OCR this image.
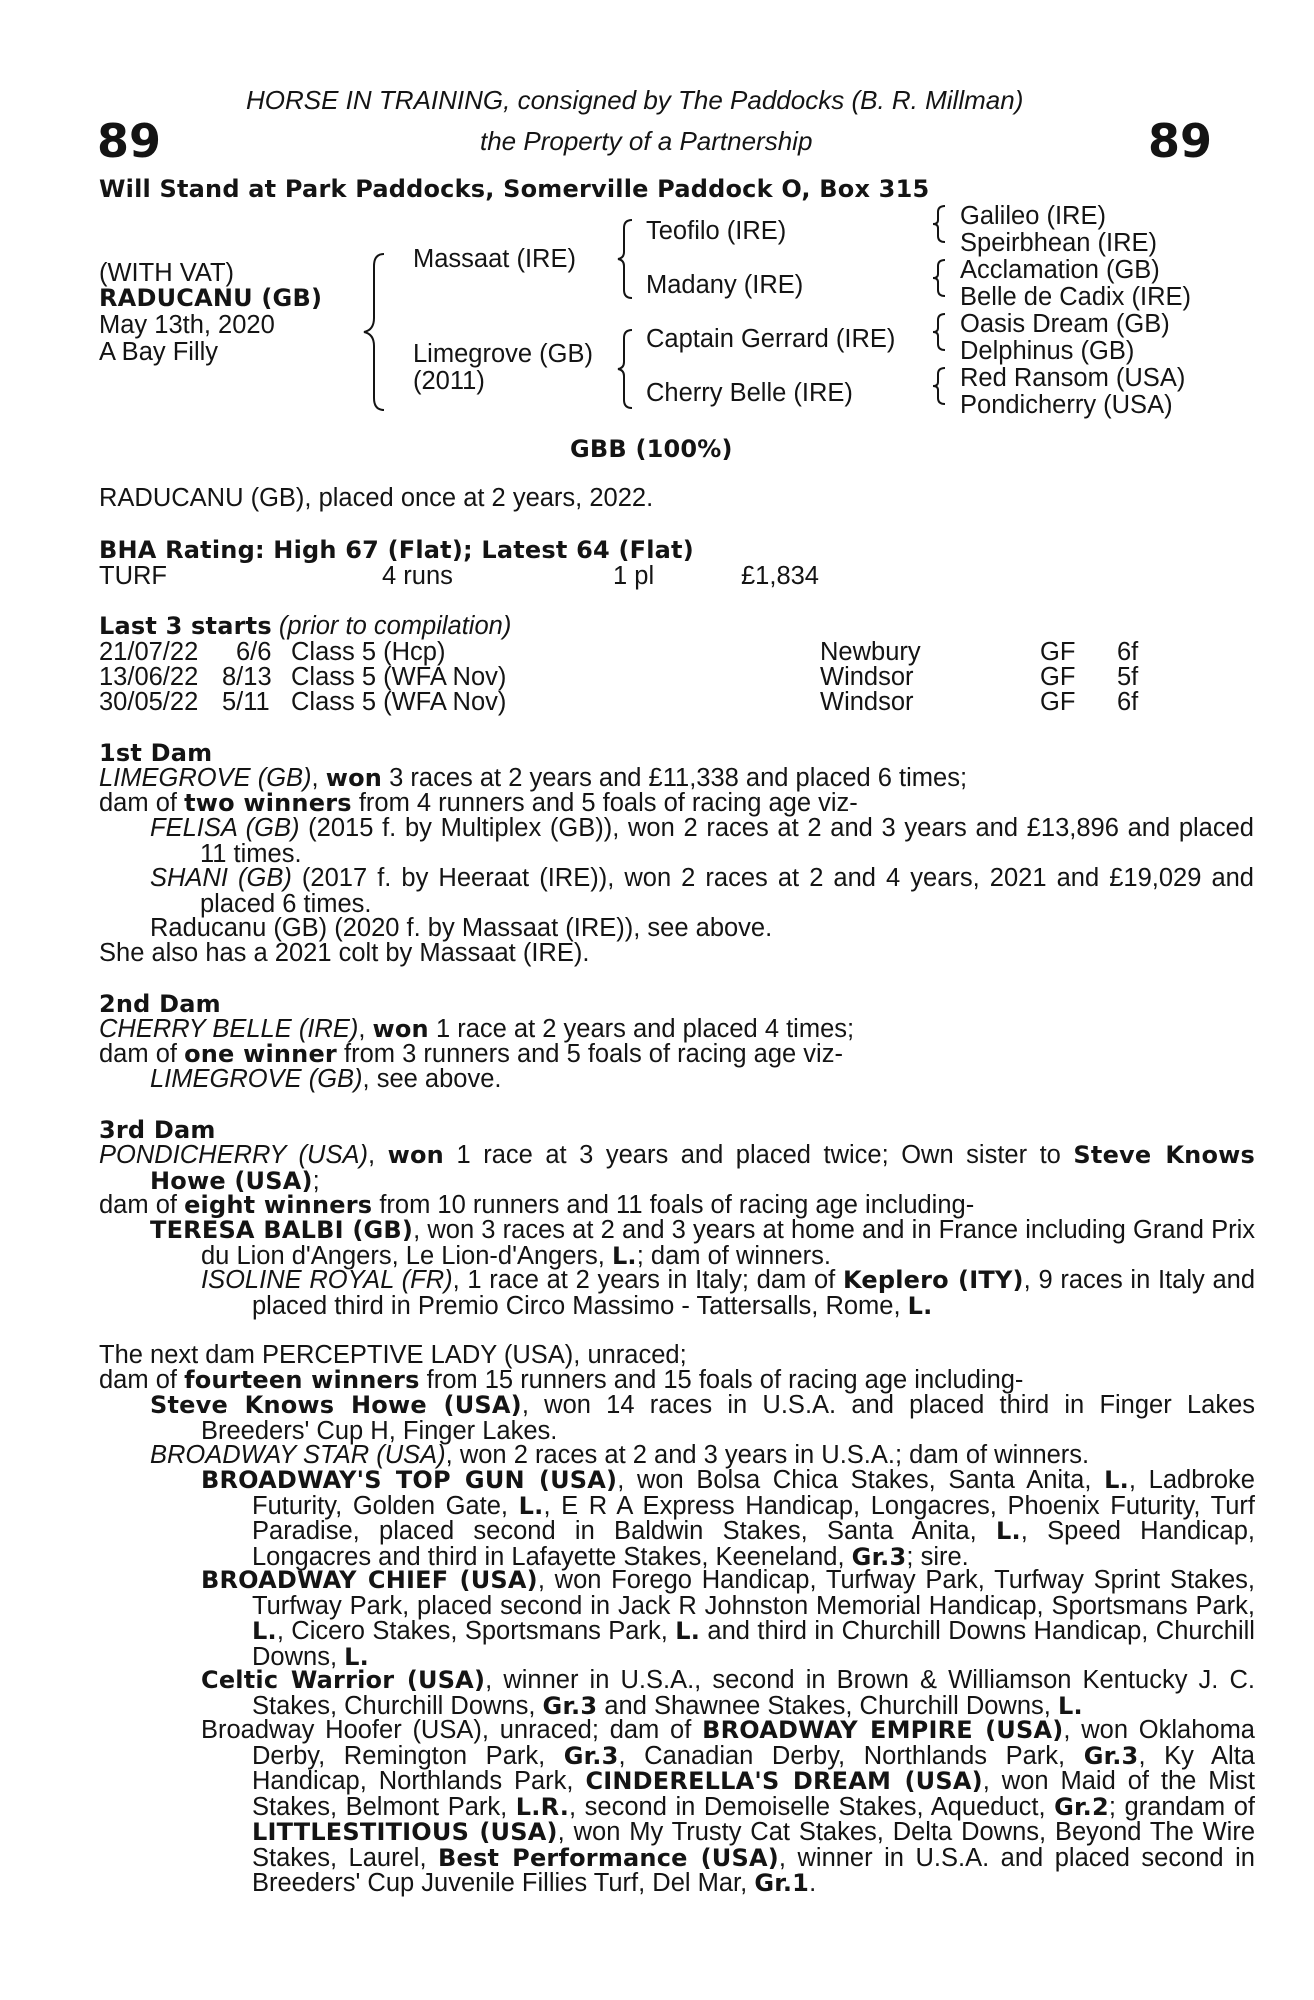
HORSE IN TRAINING, consigned by The Paddocks (B. R. Millman)
the Property of a Partnership
89	89
Will Stand at Park Paddocks, Somerville Paddock O, Box 315
(WITH VAT)
RADUCANU (GB)
May 13th, 2020
A Bay Filly
Massaat (IRE)
Limegrove (GB)
(2011)
Teofilo (IRE)
Madany (IRE)
Captain Gerrard (IRE)
Cherry Belle (IRE)
Galileo (IRE)
Speirbhean (IRE)
Acclamation (GB)
Belle de Cadix (IRE)
Oasis Dream (GB)
Delphinus (GB)
Red Ransom (USA)
Pondicherry (USA)
GBB (100%)
RADUCANU (GB), placed once at 2 years, 2022.
BHA Rating: High 67 (Flat); Latest 64 (Flat)
TURF	4 runs	1 pl	£1,834
Last 3 starts (prior to compilation)
21/07/22 6/6 Class 5 (Hcp)	Newbury	GF 6f
13/06/22 8/13 Class 5 (WFA Nov)	Windsor	GF 5f
30/05/22 5/11 Class 5 (WFA Nov)	Windsor	GF 6f
1st Dam
LIMEGROVE (GB), won 3 races at 2 years and £11,338 and placed 6 times;
dam of two winners from 4 runners and 5 foals of racing age viz-
FELISA (GB) (2015 f. by Multiplex (GB)), won 2 races at 2 and 3 years and £13,896 and placed 11 times.
SHANI (GB) (2017 f. by Heeraat (IRE)), won 2 races at 2 and 4 years, 2021 and £19,029 and placed 6 times.
Raducanu (GB) (2020 f. by Massaat (IRE)), see above.
She also has a 2021 colt by Massaat (IRE).
2nd Dam
CHERRY BELLE (IRE), won 1 race at 2 years and placed 4 times;
dam of one winner from 3 runners and 5 foals of racing age viz-
LIMEGROVE (GB), see above.
3rd Dam
PONDICHERRY (USA), won 1 race at 3 years and placed twice; Own sister to Steve Knows Howe (USA);
dam of eight winners from 10 runners and 11 foals of racing age including-
TERESA BALBI (GB), won 3 races at 2 and 3 years at home and in France including Grand Prix du Lion d'Angers, Le Lion-d'Angers, L.; dam of winners.
ISOLINE ROYAL (FR), 1 race at 2 years in Italy; dam of Keplero (ITY), 9 races in Italy and placed third in Premio Circo Massimo - Tattersalls, Rome, L.
The next dam PERCEPTIVE LADY (USA), unraced;
dam of fourteen winners from 15 runners and 15 foals of racing age including-
Steve Knows Howe (USA), won 14 races in U.S.A. and placed third in Finger Lakes Breeders' Cup H, Finger Lakes.
BROADWAY STAR (USA), won 2 races at 2 and 3 years in U.S.A.; dam of winners.
BROADWAY'S TOP GUN (USA), won Bolsa Chica Stakes, Santa Anita, L., Ladbroke Futurity, Golden Gate, L., E R A Express Handicap, Longacres, Phoenix Futurity, Turf Paradise, placed second in Baldwin Stakes, Santa Anita, L., Speed Handicap, Longacres and third in Lafayette Stakes, Keeneland, Gr.3; sire.
BROADWAY CHIEF (USA), won Forego Handicap, Turfway Park, Turfway Sprint Stakes, Turfway Park, placed second in Jack R Johnston Memorial Handicap, Sportsmans Park, L., Cicero Stakes, Sportsmans Park, L. and third in Churchill Downs Handicap, Churchill Downs, L.
Celtic Warrior (USA), winner in U.S.A., second in Brown & Williamson Kentucky J. C. Stakes, Churchill Downs, Gr.3 and Shawnee Stakes, Churchill Downs, L.
Broadway Hoofer (USA), unraced; dam of BROADWAY EMPIRE (USA), won Oklahoma Derby, Remington Park, Gr.3, Canadian Derby, Northlands Park, Gr.3, Ky Alta Handicap, Northlands Park, CINDERELLA'S DREAM (USA), won Maid of the Mist Stakes, Belmont Park, L.R., second in Demoiselle Stakes, Aqueduct, Gr.2; grandam of LITTLESTITIOUS (USA), won My Trusty Cat Stakes, Delta Downs, Beyond The Wire Stakes, Laurel, Best Performance (USA), winner in U.S.A. and placed second in Breeders' Cup Juvenile Fillies Turf, Del Mar, Gr.1.
